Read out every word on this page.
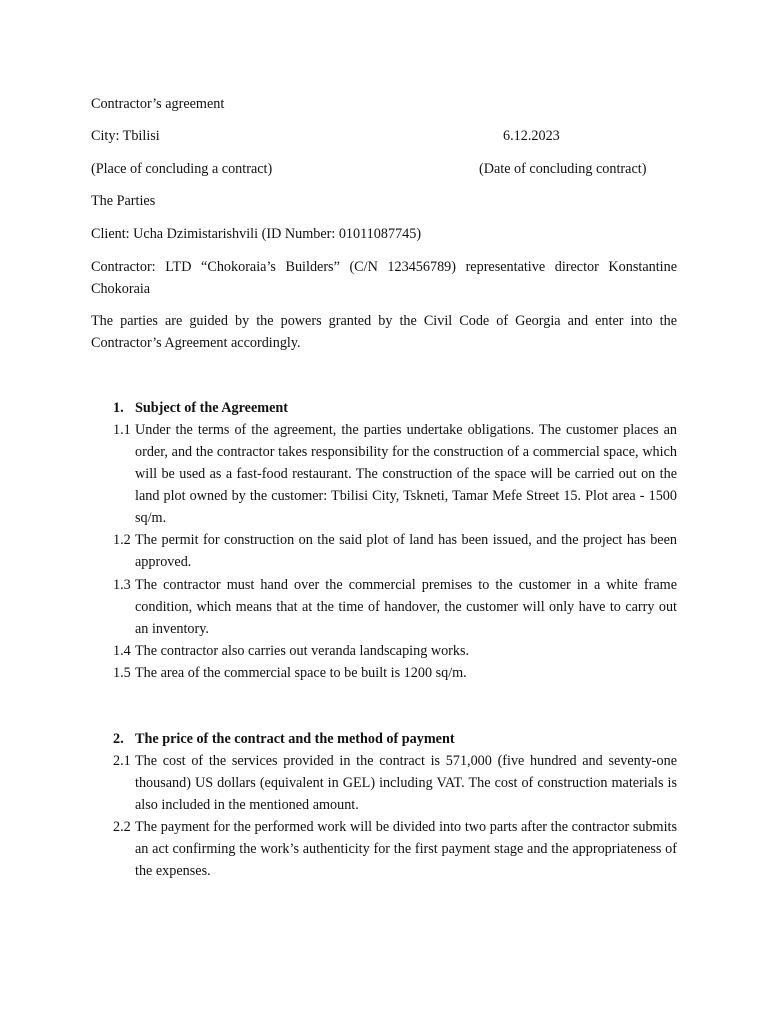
Contractor’s agreement

City: Tbilisi	6.12.2023

(Place of concluding a contract)	(Date of concluding contract)

The Parties

Client: Ucha Dzimistarishvili (ID Number: 01011087745)

Contractor: LTD “Chokoraia’s Builders” (C/N 123456789) representative director Konstantine Chokoraia

The parties are guided by the powers granted by the Civil Code of Georgia and enter into the Contractor’s Agreement accordingly.

1. Subject of the Agreement
1.1 Under the terms of the agreement, the parties undertake obligations. The customer places an order, and the contractor takes responsibility for the construction of a commercial space, which will be used as a fast-food restaurant. The construction of the space will be carried out on the land plot owned by the customer: Tbilisi City, Tskneti, Tamar Mefe Street 15. Plot area - 1500 sq/m.
1.2 The permit for construction on the said plot of land has been issued, and the project has been approved.
1.3 The contractor must hand over the commercial premises to the customer in a white frame condition, which means that at the time of handover, the customer will only have to carry out an inventory.
1.4 The contractor also carries out veranda landscaping works.
1.5 The area of the commercial space to be built is 1200 sq/m.
2. The price of the contract and the method of payment
2.1 The cost of the services provided in the contract is 571,000 (five hundred and seventy-one thousand) US dollars (equivalent in GEL) including VAT. The cost of construction materials is also included in the mentioned amount.
2.2 The payment for the performed work will be divided into two parts after the contractor submits an act confirming the work’s authenticity for the first payment stage and the appropriateness of the expenses.
